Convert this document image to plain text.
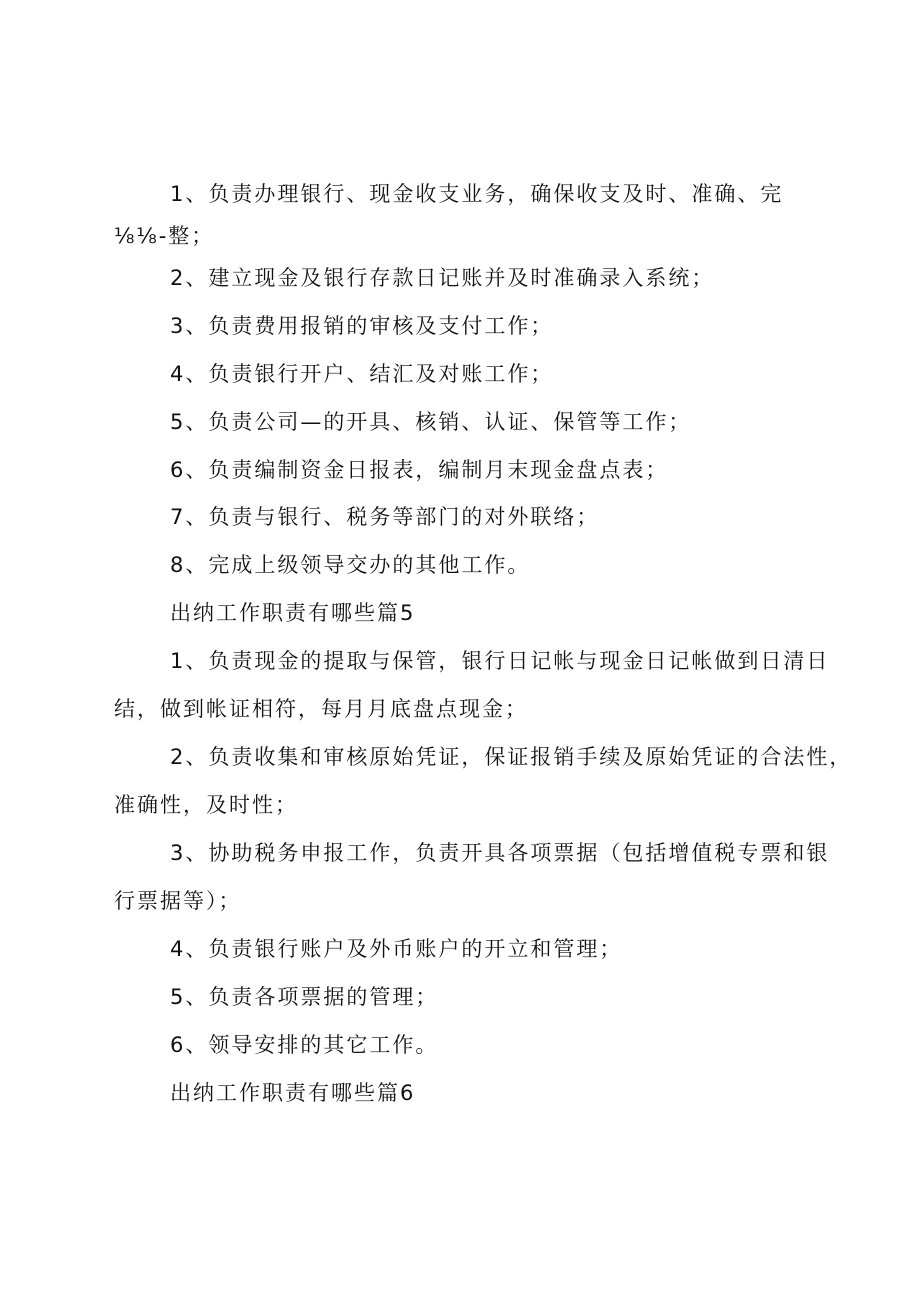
1、负责办理银行、现金收支业务，确保收支及时、准确、完
⅛⅛-整；
2、建立现金及银行存款日记账并及时准确录入系统；
3、负责费用报销的审核及支付工作；
4、负责银行开户、结汇及对账工作；
5、负责公司—的开具、核销、认证、保管等工作；
6、负责编制资金日报表，编制月末现金盘点表；
7、负责与银行、税务等部门的对外联络；
8、完成上级领导交办的其他工作。
出纳工作职责有哪些篇5
1、负责现金的提取与保管，银行日记帐与现金日记帐做到日清日
结，做到帐证相符，每月月底盘点现金；
2、负责收集和审核原始凭证，保证报销手续及原始凭证的合法性，
准确性，及时性；
3、协助税务申报工作，负责开具各项票据（包括增值税专票和银
行票据等）；
4、负责银行账户及外币账户的开立和管理；
5、负责各项票据的管理；
6、领导安排的其它工作。
出纳工作职责有哪些篇6
